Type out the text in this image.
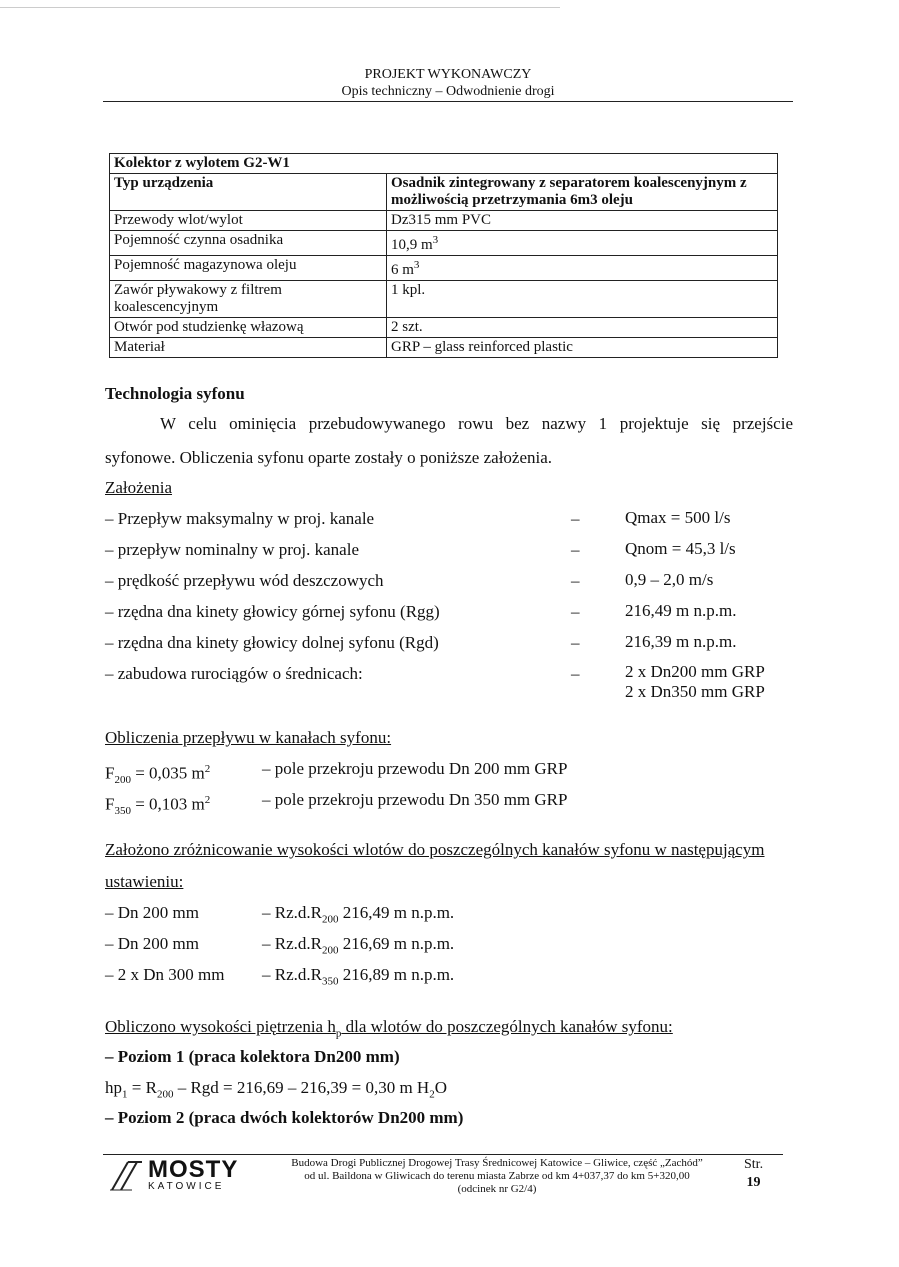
PROJEKT WYKONAWCZY
Opis techniczny – Odwodnienie drogi
Kolektor z wylotem G2-W1	
Typ urządzenia	Osadnik zintegrowany z separatorem koalescenyjnym z możliwością przetrzymania 6m3 oleju
Przewody wlot/wylot	Dz315 mm PVC
Pojemność czynna osadnika	10,9 $m^3$
Pojemność magazynowa oleju	6 $m^3$
Zawór pływakowy z filtrem koalescencyjnym	1 kpl.
Otwór pod studzienkę włazową	2 szt.
Materiał	GRP – glass reinforced plastic
Technologia syfonu
W celu ominięcia przebudowywanego rowu bez nazwy 1 projektuje się przejście
syfonowe. Obliczenia syfonu oparte zostały o poniższe założenia.
Założenia
– Przepływ maksymalny w proj. kanale	–	Qmax = 500 l/s
– przepływ nominalny w proj. kanale	–	Qnom = 45,3 l/s
– prędkość przepływu wód deszczowych	–	0,9 – 2,0 m/s
– rzędna dna kinety głowicy górnej syfonu (Rgg)	–	216,49 m n.p.m.
– rzędna dna kinety głowicy dolnej syfonu (Rgd)	–	216,39 m n.p.m.
– zabudowa rurociągów o średnicach:	–	2 x Dn200 mm GRP
2 x Dn350 mm GRP
Obliczenia przepływu w kanałach syfonu:
$F_{200} = 0,035$ $m^2$	– pole przekroju przewodu Dn 200 mm GRP
$F_{350} = 0,103$ $m^2$	– pole przekroju przewodu Dn 350 mm GRP
Założono zróżnicowanie wysokości wlotów do poszczególnych kanałów syfonu w następującym
ustawieniu:
– Dn 200 mm	– $Rz.d.R_{200}$ 216,49 m n.p.m.
– Dn 200 mm	– $Rz.d.R_{200}$ 216,69 m n.p.m.
– 2 x Dn 300 mm – $Rz.d.R_{350}$ 216,89 m n.p.m.
Obliczono wysokości piętrzenia $h_p$ dla wlotów do poszczególnych kanałów syfonu:
– Poziom 1 (praca kolektora Dn200 mm)
$hp_1 = R_{200}$ – Rgd = 216,69 – 216,39 = 0,30 m $H_2O$
– Poziom 2 (praca dwóch kolektorów Dn200 mm)
MOSTY
KATOWICE
Budowa Drogi Publicznej Drogowej Trasy Średnicowej Katowice – Gliwice, część „Zachód”
od ul. Baildona w Gliwicach do terenu miasta Zabrze od km 4+037,37 do km 5+320,00
(odcinek nr G2/4)
Str.
19
